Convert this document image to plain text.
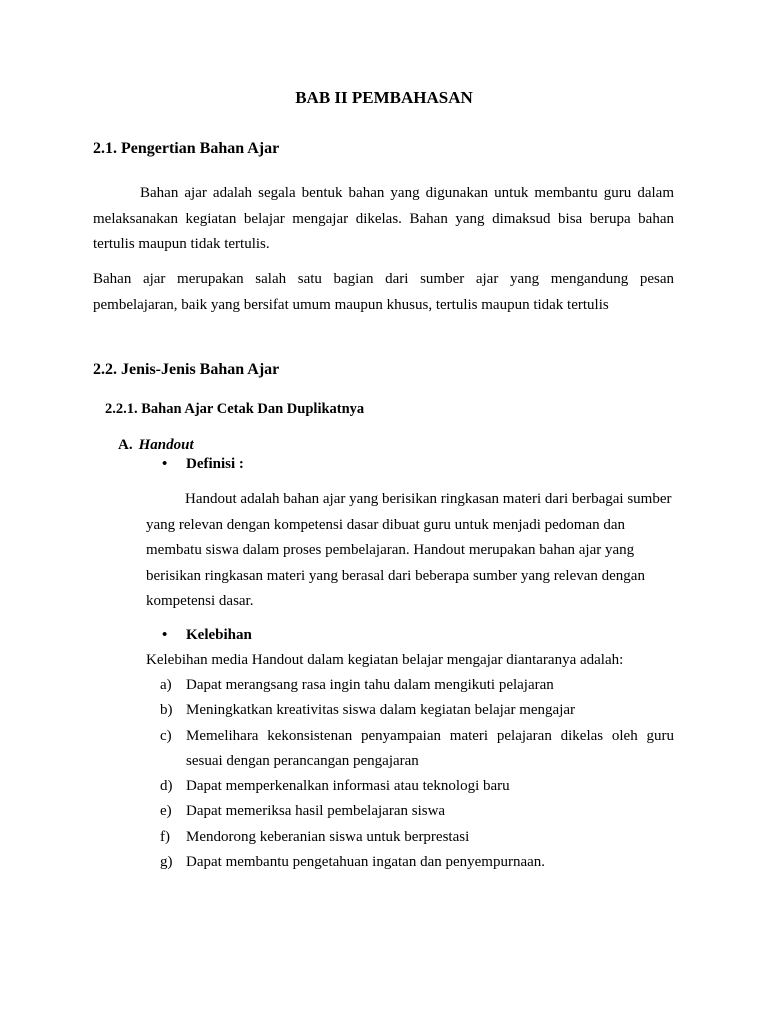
BAB II PEMBAHASAN
2.1. Pengertian Bahan Ajar

Bahan ajar adalah segala bentuk bahan yang digunakan untuk membantu guru dalam melaksanakan kegiatan belajar mengajar dikelas. Bahan yang dimaksud bisa berupa bahan tertulis maupun tidak tertulis.

Bahan ajar merupakan salah satu bagian dari sumber ajar yang mengandung pesan pembelajaran, baik yang bersifat umum maupun khusus, tertulis maupun tidak tertulis

2.2. Jenis-Jenis Bahan Ajar
2.2.1. Bahan Ajar Cetak Dan Duplikatnya
A. Handout
• Definisi :

Handout adalah bahan ajar yang berisikan ringkasan materi dari berbagai sumber yang relevan dengan kompetensi dasar dibuat guru untuk menjadi pedoman dan membatu siswa dalam proses pembelajaran. Handout merupakan bahan ajar yang berisikan ringkasan materi yang berasal dari beberapa sumber yang relevan dengan kompetensi dasar.

• Kelebihan

Kelebihan media Handout dalam kegiatan belajar mengajar diantaranya adalah:

a) Dapat merangsang rasa ingin tahu dalam mengikuti pelajaran
b) Meningkatkan kreativitas siswa dalam kegiatan belajar mengajar
c) Memelihara kekonsistenan penyampaian materi pelajaran dikelas oleh guru sesuai dengan perancangan pengajaran
d) Dapat memperkenalkan informasi atau teknologi baru
e) Dapat memeriksa hasil pembelajaran siswa
f) Mendorong keberanian siswa untuk berprestasi
g) Dapat membantu pengetahuan ingatan dan penyempurnaan.
